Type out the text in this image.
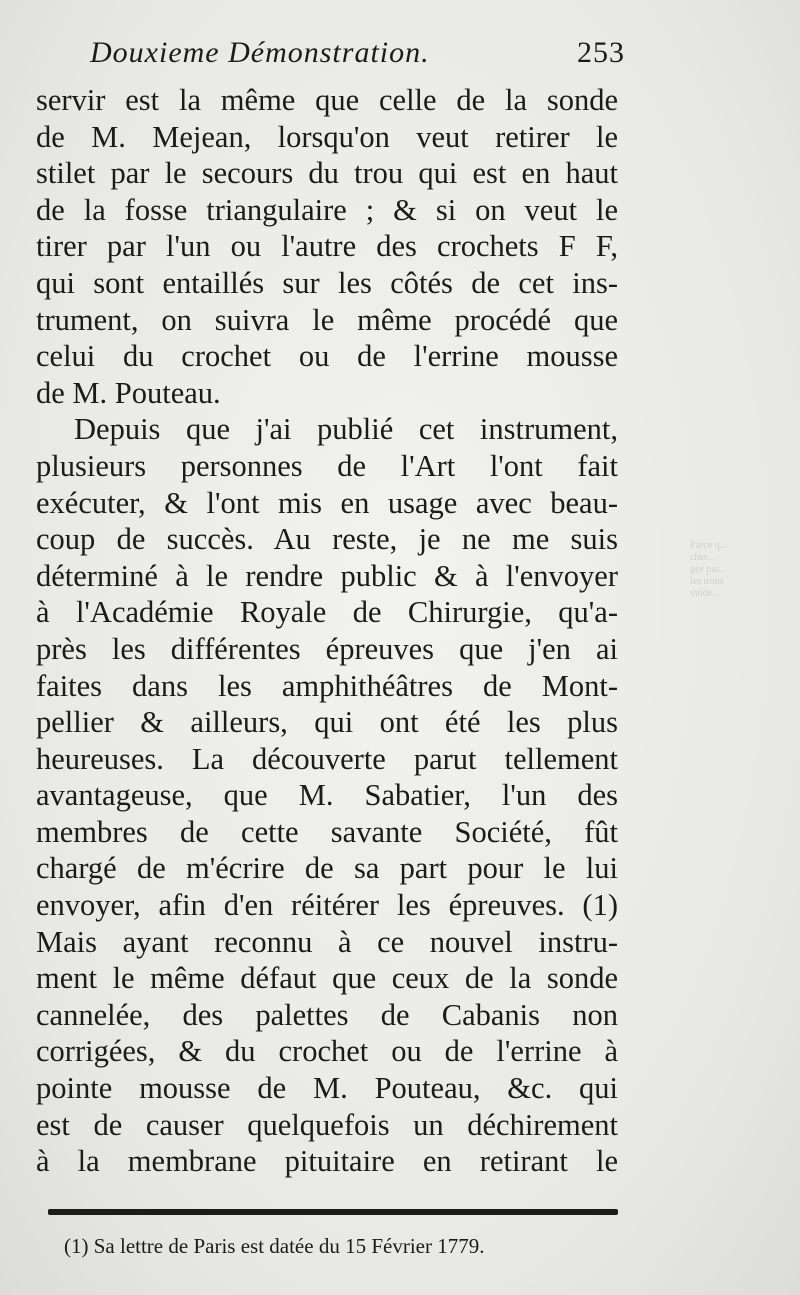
Parce q...
ches...
gée par...
les trous
vuide...
Douxieme Démonstration.	253
servir est la même que celle de la sonde
de M. Mejean, lorsqu'on veut retirer le
stilet par le secours du trou qui est en haut
de la fosse triangulaire ; & si on veut le
tirer par l'un ou l'autre des crochets F F,
qui sont entaillés sur les côtés de cet ins-
trument, on suivra le même procédé que
celui du crochet ou de l'errine mousse
de M. Pouteau.
Depuis que j'ai publié cet instrument,
plusieurs personnes de l'Art l'ont fait
exécuter, & l'ont mis en usage avec beau-
coup de succès. Au reste, je ne me suis
déterminé à le rendre public & à l'envoyer
à l'Académie Royale de Chirurgie, qu'a-
près les différentes épreuves que j'en ai
faites dans les amphithéâtres de Mont-
pellier & ailleurs, qui ont été les plus
heureuses. La découverte parut tellement
avantageuse, que M. Sabatier, l'un des
membres de cette savante Société, fût
chargé de m'écrire de sa part pour le lui
envoyer, afin d'en réitérer les épreuves. (1)
Mais ayant reconnu à ce nouvel instru-
ment le même défaut que ceux de la sonde
cannelée, des palettes de Cabanis non
corrigées, & du crochet ou de l'errine à
pointe mousse de M. Pouteau, &c. qui
est de causer quelquefois un déchirement
à la membrane pituitaire en retirant le
(1) Sa lettre de Paris est datée du 15 Février 1779.
